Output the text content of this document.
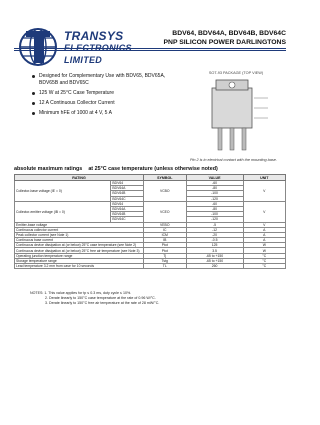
TRANSYS
LIMITED
BDV64, BDV64A, BDV64B, BDV64C
PNP SILICON POWER DARLINGTONS
Designed for Complementary Use with BDV65, BDV65A, BDV65B and BDV65C
125 W at 25°C Case Temperature
12 A Continuous Collector Current
Minimum hFE of 1000 at 4 V, 5 A
SOT-93 PACKAGE (TOP VIEW)
Pin 2 is in electrical contact with the mounting base.
absolute maximum ratings at 25°C case temperature (unless otherwise noted)
RATING		SYMBOL	VALUE	UNIT
Collector-base voltage (IE = 0)	BDV64	VCBO	-60	V
	BDV64A		-80	
	BDV64B		-100	
	BDV64C		-120	
Collector-emitter voltage (IB = 0)	BDV64	VCEO	-60	V
	BDV64A		-80	
	BDV64B		-100	
	BDV64C		-120	
Emitter-base voltage		VEBO	-5	V
Continuous collector current		IC	-12	A
Peak collector current (see Note 1)		ICM	-20	A
Continuous base current		IB	-0.5	A
Continuous device dissipation at (or below) 25°C case temperature (see Note 2)		Ptot	125	W
Continuous device dissipation at (or below) 25°C free air temperature (see Note 3)		Ptot	3.5	W
Operating junction temperature range		Tj	-65 to +150	°C
Storage temperature range		Tstg	-65 to +150	°C
Lead temperature 3.2 mm from case for 10 seconds		TL	260	°C
NOTES: 1. This value applies for tp ≤ 0.3 ms, duty cycle ≤ 10%.
2. Derate linearly to 150°C case temperature at the rate of 0.96 W/°C.
3. Derate linearly to 150°C free air temperature at the rate of 28 mW/°C.
